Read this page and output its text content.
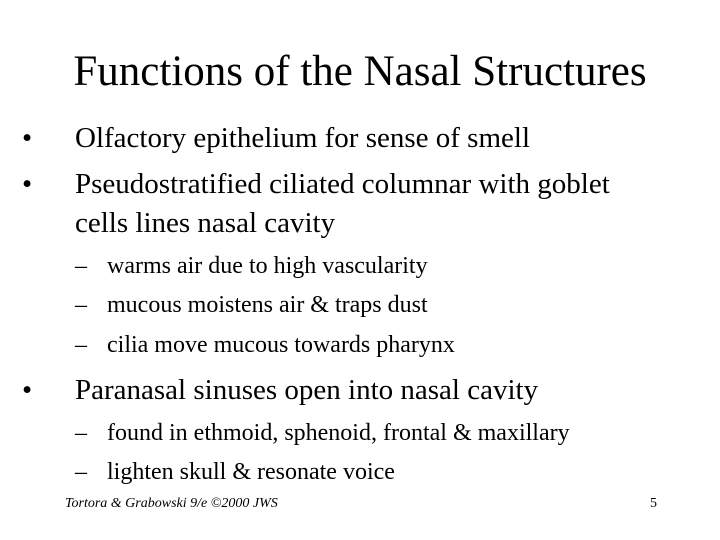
Functions of the Nasal Structures
• Olfactory epithelium for sense of smell
• Pseudostratified ciliated columnar with goblet
cells lines nasal cavity
– warms air due to high vascularity
– mucous moistens air & traps dust
– cilia move mucous towards pharynx
• Paranasal sinuses open into nasal cavity
– found in ethmoid, sphenoid, frontal & maxillary
– lighten skull & resonate voice
Tortora & Grabowski 9/e ©2000 JWS	5
